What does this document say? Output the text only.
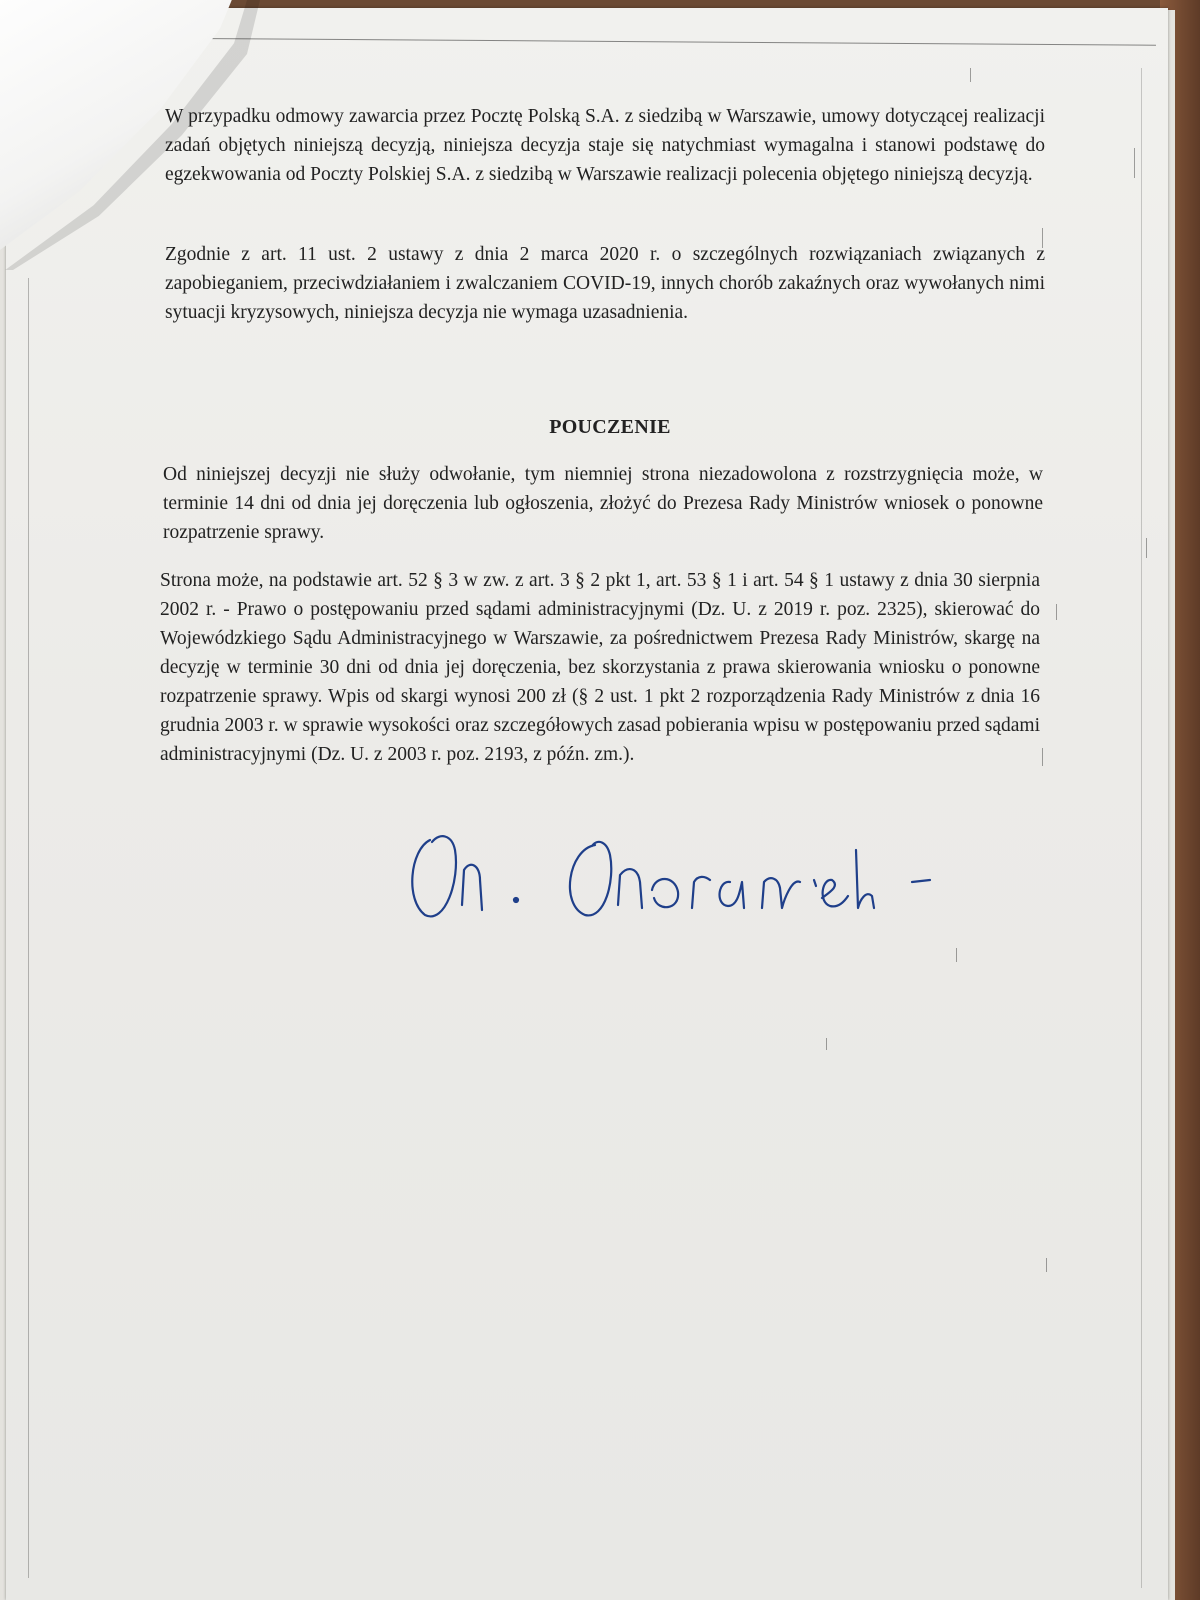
W przypadku odmowy zawarcia przez Pocztę Polską S.A. z siedzibą w Warszawie, umowy dotyczącej realizacji zadań objętych niniejszą decyzją, niniejsza decyzja staje się natychmiast wymagalna i stanowi podstawę do egzekwowania od Poczty Polskiej S.A. z siedzibą w Warszawie realizacji polecenia objętego niniejszą decyzją.

Zgodnie z art. 11 ust. 2 ustawy z dnia 2 marca 2020 r. o szczególnych rozwiązaniach związanych z zapobieganiem, przeciwdziałaniem i zwalczaniem COVID-19, innych chorób zakaźnych oraz wywołanych nimi sytuacji kryzysowych, niniejsza decyzja nie wymaga uzasadnienia.

POUCZENIE

Od niniejszej decyzji nie służy odwołanie, tym niemniej strona niezadowolona z rozstrzygnięcia może, w terminie 14 dni od dnia jej doręczenia lub ogłoszenia, złożyć do Prezesa Rady Ministrów wniosek o ponowne rozpatrzenie sprawy.

Strona może, na podstawie art. 52 § 3 w zw. z art. 3 § 2 pkt 1, art. 53 § 1 i art. 54 § 1 ustawy z dnia 30 sierpnia 2002 r. - Prawo o postępowaniu przed sądami administracyjnymi (Dz. U. z 2019 r. poz. 2325), skierować do Wojewódzkiego Sądu Administracyjnego w Warszawie, za pośrednictwem Prezesa Rady Ministrów, skargę na decyzję w terminie 30 dni od dnia jej doręczenia, bez skorzystania z prawa skierowania wniosku o ponowne rozpatrzenie sprawy. Wpis od skargi wynosi 200 zł (§ 2 ust. 1 pkt 2 rozporządzenia Rady Ministrów z dnia 16 grudnia 2003 r. w sprawie wysokości oraz szczegółowych zasad pobierania wpisu w postępowaniu przed sądami administracyjnymi (Dz. U. z 2003 r. poz. 2193, z późn. zm.).
